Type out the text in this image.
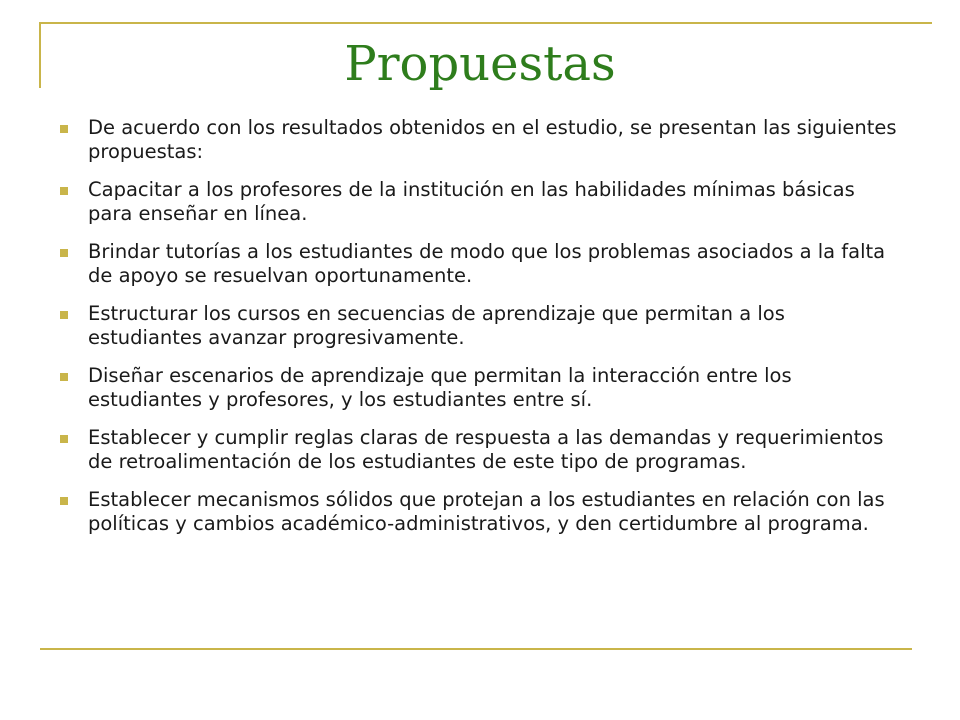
Propuestas
De acuerdo con los resultados obtenidos en el estudio, se presentan las siguientes propuestas:
Capacitar a los profesores de la institución en las habilidades mínimas básicas para enseñar en línea.
Brindar tutorías a los estudiantes de modo que los problemas asociados a la falta de apoyo se resuelvan oportunamente.
Estructurar los cursos en secuencias de aprendizaje que permitan a los estudiantes avanzar progresivamente.
Diseñar escenarios de aprendizaje que permitan la interacción entre los estudiantes y profesores, y los estudiantes entre sí.
Establecer y cumplir reglas claras de respuesta a las demandas y requerimientos de retroalimentación de los estudiantes de este tipo de programas.
Establecer mecanismos sólidos que protejan a los estudiantes en relación con las políticas y cambios académico-administrativos, y den certidumbre al programa.
